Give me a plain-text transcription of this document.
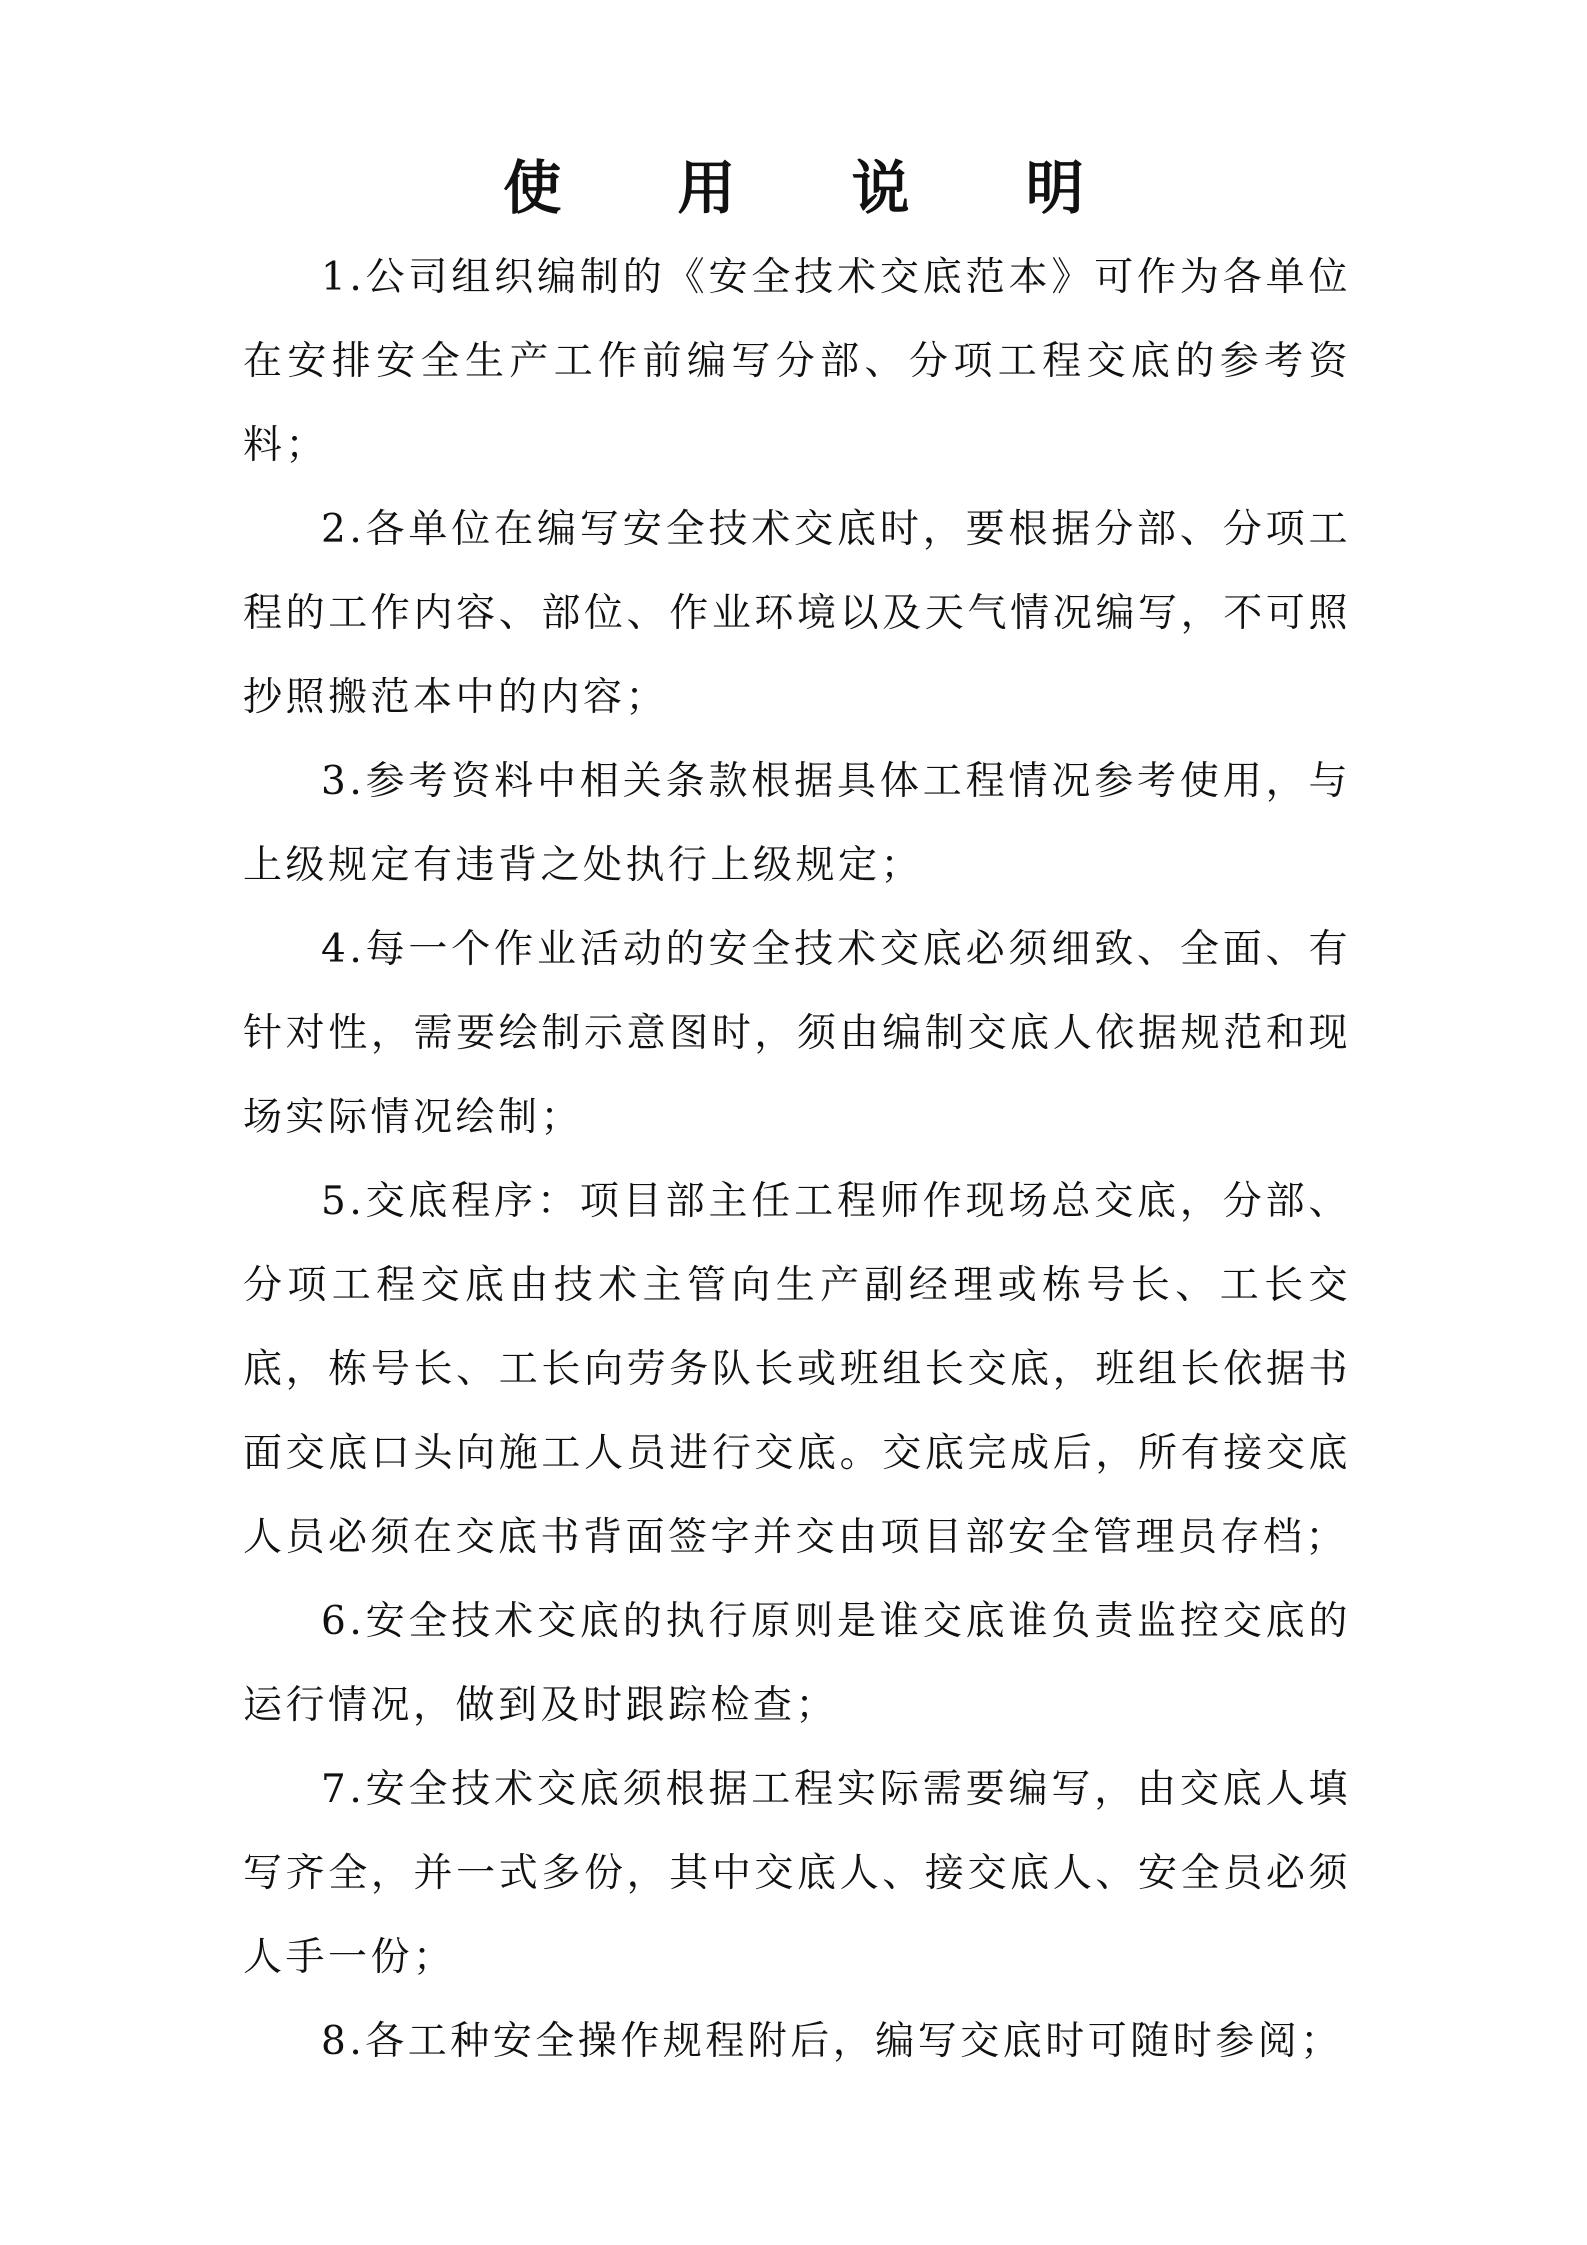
使 用 说 明

1.公司组织编制的《安全技术交底范本》可作为各单位在安排安全生产工作前编写分部、分项工程交底的参考资料；

2.各单位在编写安全技术交底时，要根据分部、分项工程的工作内容、部位、作业环境以及天气情况编写，不可照抄照搬范本中的内容；

3.参考资料中相关条款根据具体工程情况参考使用，与上级规定有违背之处执行上级规定；

4.每一个作业活动的安全技术交底必须细致、全面、有针对性，需要绘制示意图时，须由编制交底人依据规范和现场实际情况绘制；

5.交底程序：项目部主任工程师作现场总交底，分部、分项工程交底由技术主管向生产副经理或栋号长、工长交底，栋号长、工长向劳务队长或班组长交底，班组长依据书面交底口头向施工人员进行交底。交底完成后，所有接交底人员必须在交底书背面签字并交由项目部安全管理员存档；

6.安全技术交底的执行原则是谁交底谁负责监控交底的运行情况，做到及时跟踪检查；

7.安全技术交底须根据工程实际需要编写，由交底人填写齐全，并一式多份，其中交底人、接交底人、安全员必须人手一份；

8.各工种安全操作规程附后，编写交底时可随时参阅；
